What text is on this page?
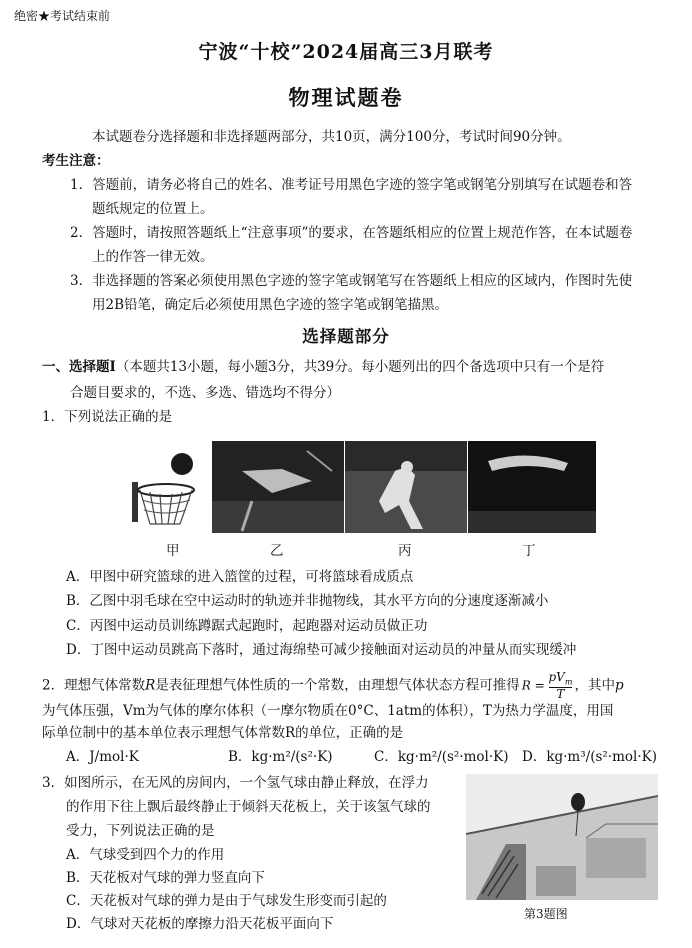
绝密★考试结束前
宁波“十校”2024届高三3月联考
物理试题卷
本试题卷分选择题和非选择题两部分，共10页，满分100分，考试时间90分钟。
考生注意：
1．答题前，请务必将自己的姓名、准考证号用黑色字迹的签字笔或钢笔分别填写在试题卷和答
题纸规定的位置上。
2．答题时，请按照答题纸上“注意事项”的要求，在答题纸相应的位置上规范作答，在本试题卷
上的作答一律无效。
3．非选择题的答案必须使用黑色字迹的签字笔或钢笔写在答题纸上相应的区域内，作图时先使
用2B铅笔，确定后必须使用黑色字迹的签字笔或钢笔描黑。
选择题部分
一、选择题Ⅰ（本题共13小题，每小题3分，共39分。每小题列出的四个备选项中只有一个是符
合题目要求的，不选、多选、错选均不得分）
1．下列说法正确的是
甲	乙	丙	丁
A．甲图中研究篮球的进入篮筐的过程，可将篮球看成质点
B．乙图中羽毛球在空中运动时的轨迹并非抛物线，其水平方向的分速度逐渐减小
C．丙图中运动员训练蹲踞式起跑时，起跑器对运动员做正功
D．丁图中运动员跳高下落时，通过海绵垫可减少接触面对运动员的冲量从而实现缓冲
2．理想气体常数R是表征理想气体性质的一个常数，由理想气体状态方程可推得 R =
$pV_m$
T
，其中p
为气体压强，Vm为气体的摩尔体积（一摩尔物质在0°C、1atm的体积），T为热力学温度，用国
际单位制中的基本单位表示理想气体常数R的单位，正确的是
A．J/mol·K	B．kg·m²/(s²·K)	C．kg·m²/(s²·mol·K) D．kg·m³/(s²·mol·K)
3．如图所示，在无风的房间内，一个氢气球由静止释放，在浮力
的作用下往上飘后最终静止于倾斜天花板上，关于该氢气球的
受力，下列说法正确的是
A．气球受到四个力的作用
B．天花板对气球的弹力竖直向下
C．天花板对气球的弹力是由于气球发生形变而引起的
D．气球对天花板的摩擦力沿天花板平面向下
第3题图
